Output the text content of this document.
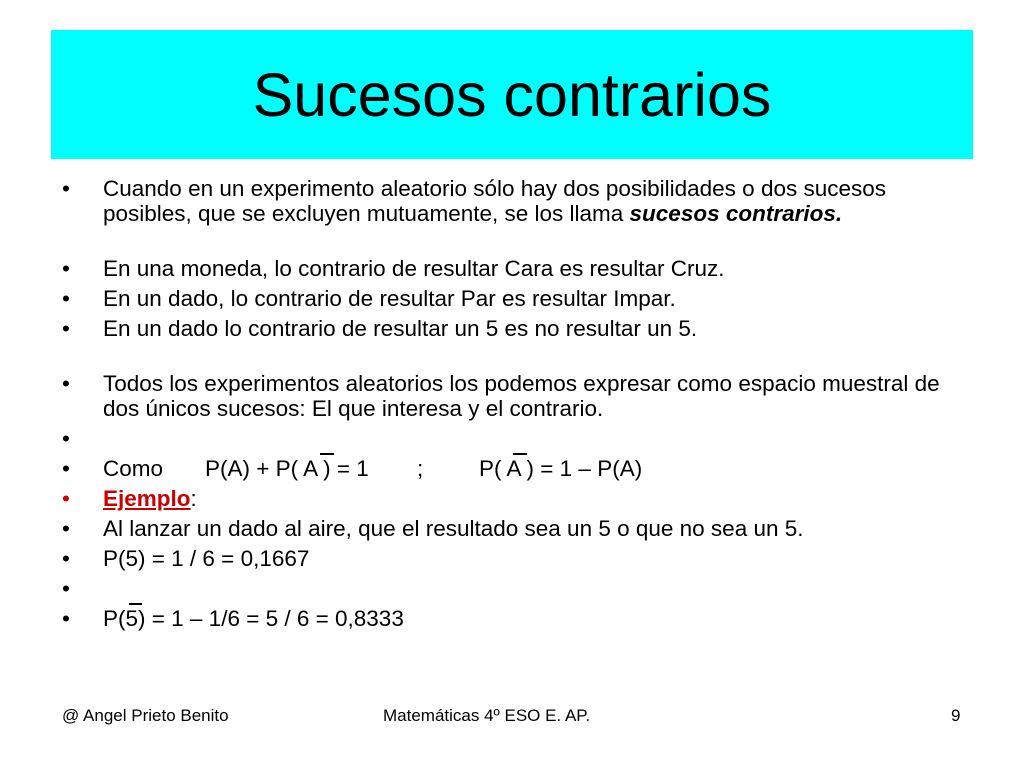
Sucesos contrarios
•	Cuando en un experimento aleatorio sólo hay dos posibilidades o dos sucesos posibles, que se excluyen mutuamente, se los llama sucesos contrarios.
•	En una moneda, lo contrario de resultar Cara es resultar Cruz.
•	En un dado, lo contrario de resultar Par es resultar Impar.
•	En un dado lo contrario de resultar un 5 es no resultar un 5.
•	Todos los experimentos aleatorios los podemos expresar como espacio muestral de dos únicos sucesos: El que interesa y el contrario.
•

•	Como P(A) + P( A ) = 1 ; P( A ) = 1 – P(A)
•	Ejemplo:
•	Al lanzar un dado al aire, que el resultado sea un 5 o que no sea un 5.
•	P(5) = 1 / 6 = 0,1667
•

•	P(5) = 1 – 1/6 = 5 / 6 = 0,8333
@ Angel Prieto Benito	Matemáticas 4º ESO E. AP.	9
